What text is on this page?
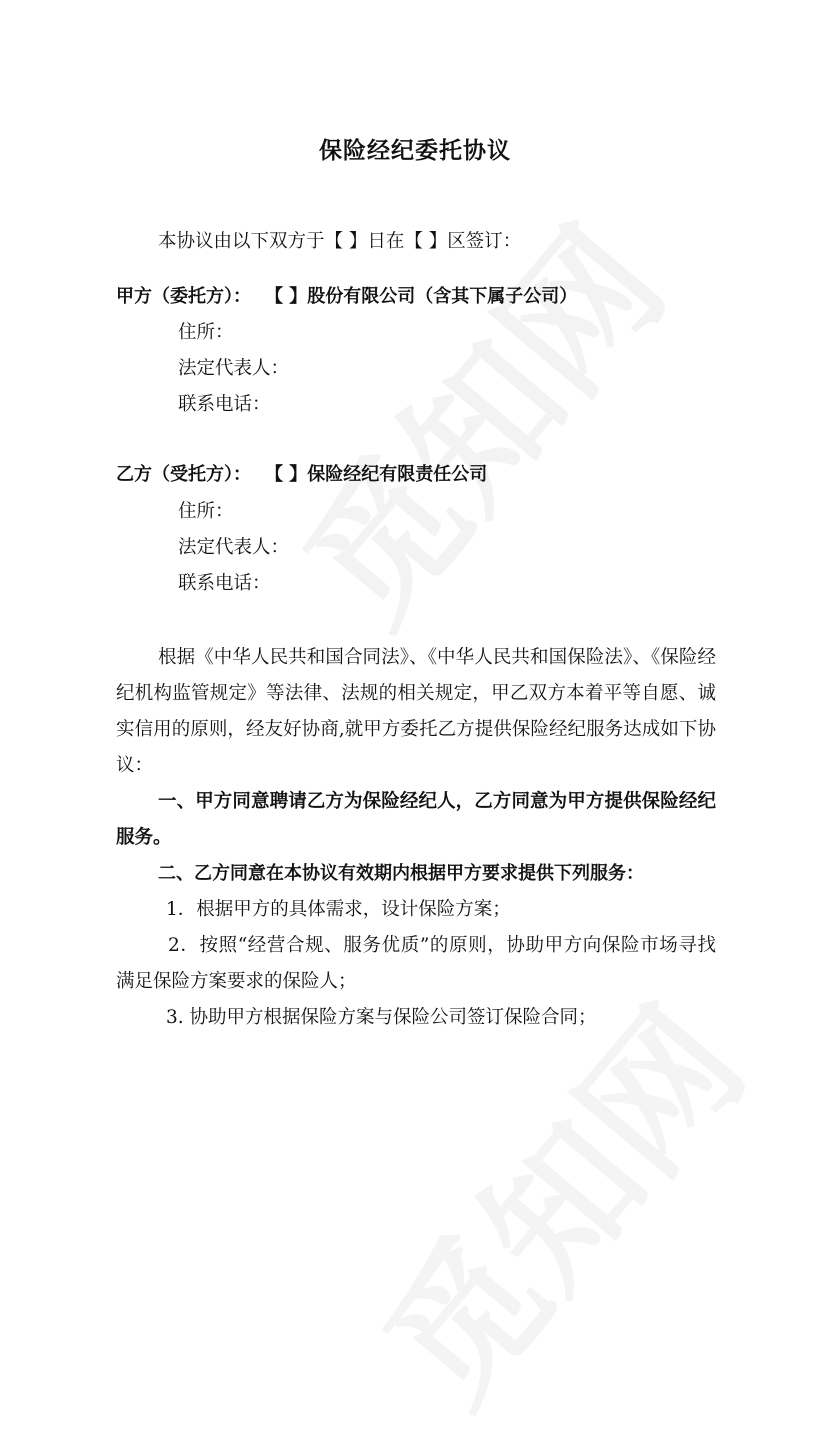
保险经纪委托协议
本协议由以下双方于【 】日在【 】区签订：
甲方（委托方）： 【 】股份有限公司（含其下属子公司）
住所：
法定代表人：
联系电话：
乙方（受托方）： 【 】保险经纪有限责任公司
住所：
法定代表人：
联系电话：
根据《中华人民共和国合同法》、《中华人民共和国保险法》、《保险经纪机构监管规定》等法律、法规的相关规定，甲乙双方本着平等自愿、诚实信用的原则，经友好协商,就甲方委托乙方提供保险经纪服务达成如下协议：
一、甲方同意聘请乙方为保险经纪人，乙方同意为甲方提供保险经纪服务。
二、乙方同意在本协议有效期内根据甲方要求提供下列服务：
1．根据甲方的具体需求，设计保险方案；
2．按照“经营合规、服务优质”的原则，协助甲方向保险市场寻找满足保险方案要求的保险人；
3. 协助甲方根据保险方案与保险公司签订保险合同；
